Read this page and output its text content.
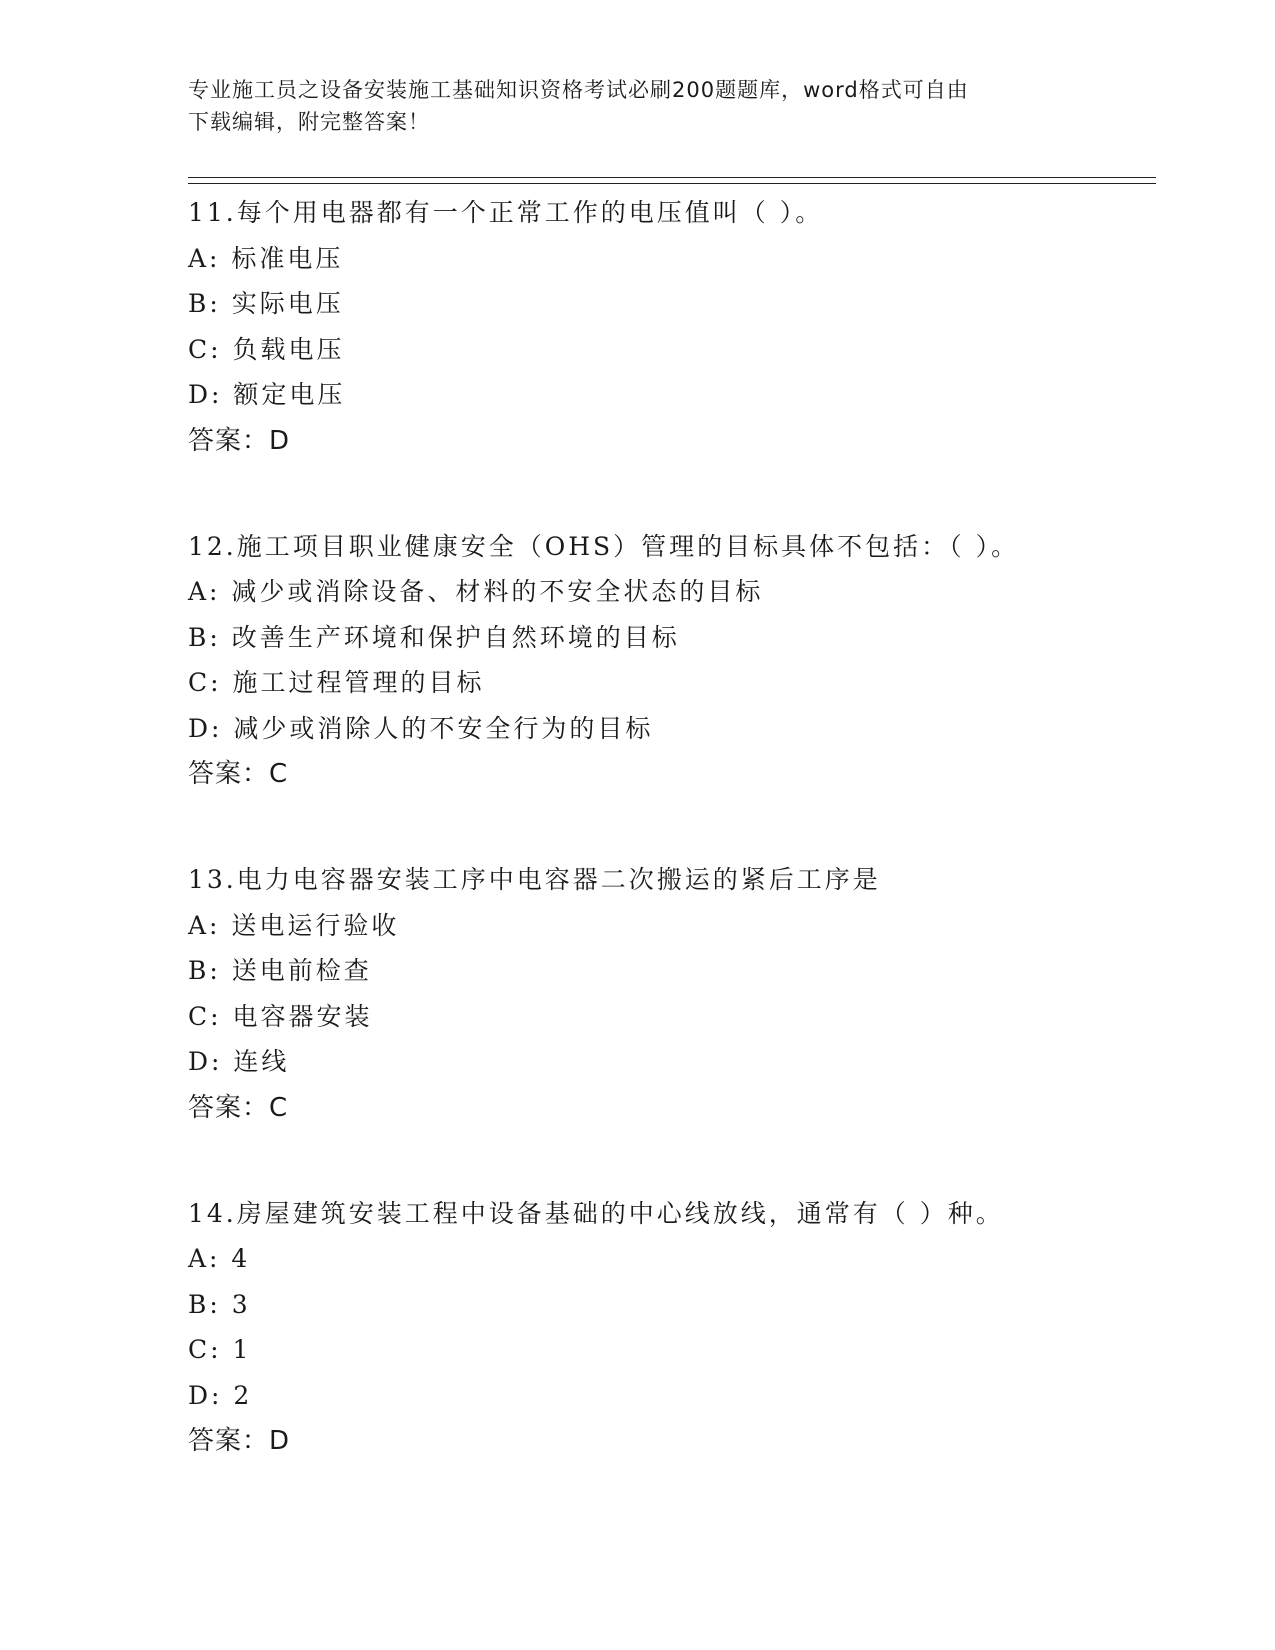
专业施工员之设备安装施工基础知识资格考试必刷200题题库，word格式可自由
下载编辑，附完整答案！
11.每个用电器都有一个正常工作的电压值叫（ ）。
A: 标准电压
B: 实际电压
C: 负载电压
D: 额定电压
答案：D
12.施工项目职业健康安全（OHS）管理的目标具体不包括：（ ）。
A: 减少或消除设备、材料的不安全状态的目标
B: 改善生产环境和保护自然环境的目标
C: 施工过程管理的目标
D: 减少或消除人的不安全行为的目标
答案：C
13.电力电容器安装工序中电容器二次搬运的紧后工序是
A: 送电运行验收
B: 送电前检查
C: 电容器安装
D: 连线
答案：C
14.房屋建筑安装工程中设备基础的中心线放线，通常有（ ）种。
A: 4
B: 3
C: 1
D: 2
答案：D
